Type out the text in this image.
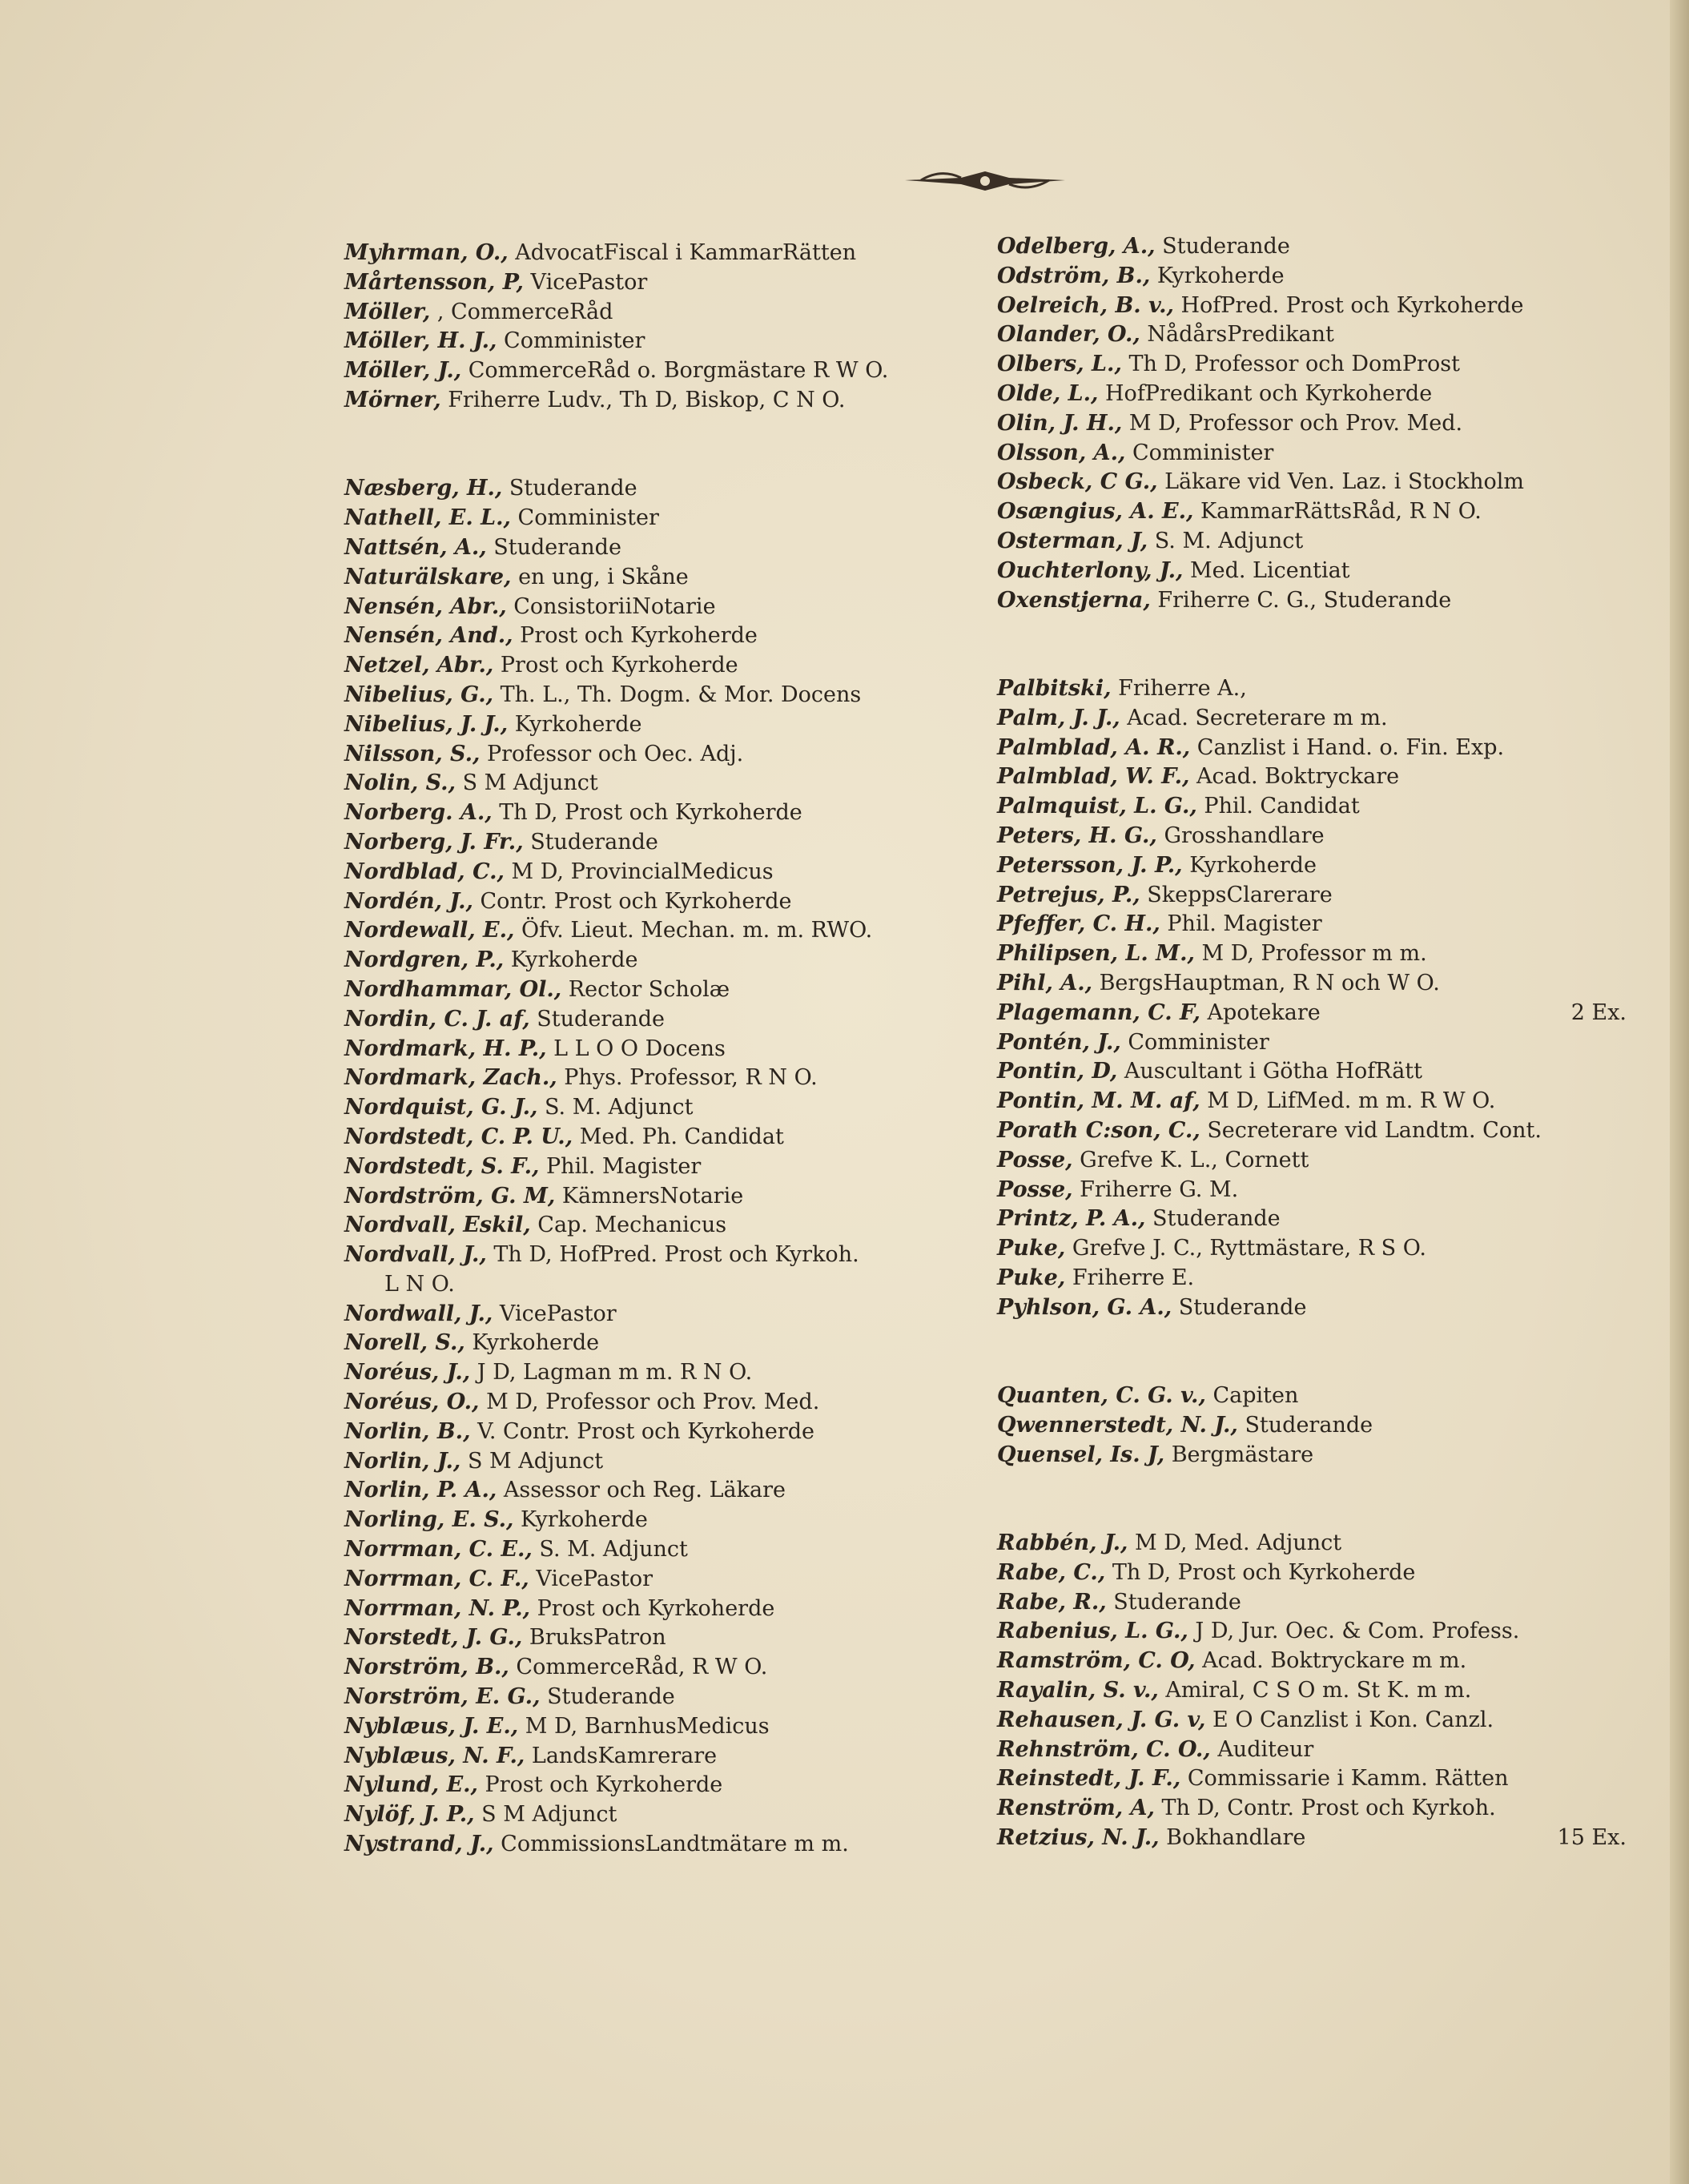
Myhrman, O., AdvocatFiscal i KammarRätten
Mårtensson, P, VicePastor
Möller, , CommerceRåd
Möller, H. J., Comminister
Möller, J., CommerceRåd o. Borgmästare R W O.
Mörner, Friherre Ludv., Th D, Biskop, C N O.
Næsberg, H., Studerande
Nathell, E. L., Comminister
Nattsén, A., Studerande
Naturälskare, en ung, i Skåne
Nensén, Abr., ConsistoriiNotarie
Nensén, And., Prost och Kyrkoherde
Netzel, Abr., Prost och Kyrkoherde
Nibelius, G., Th. L., Th. Dogm. & Mor. Docens
Nibelius, J. J., Kyrkoherde
Nilsson, S., Professor och Oec. Adj.
Nolin, S., S M Adjunct
Norberg. A., Th D, Prost och Kyrkoherde
Norberg, J. Fr., Studerande
Nordblad, C., M D, ProvincialMedicus
Nordén, J., Contr. Prost och Kyrkoherde
Nordewall, E., Öfv. Lieut. Mechan. m. m. RWO.
Nordgren, P., Kyrkoherde
Nordhammar, Ol., Rector Scholæ
Nordin, C. J. af, Studerande
Nordmark, H. P., L L O O Docens
Nordmark, Zach., Phys. Professor, R N O.
Nordquist, G. J., S. M. Adjunct
Nordstedt, C. P. U., Med. Ph. Candidat
Nordstedt, S. F., Phil. Magister
Nordström, G. M, KämnersNotarie
Nordvall, Eskil, Cap. Mechanicus
Nordvall, J., Th D, HofPred. Prost och Kyrkoh.
L N O.
Nordwall, J., VicePastor
Norell, S., Kyrkoherde
Noréus, J., J D, Lagman m m. R N O.
Noréus, O., M D, Professor och Prov. Med.
Norlin, B., V. Contr. Prost och Kyrkoherde
Norlin, J., S M Adjunct
Norlin, P. A., Assessor och Reg. Läkare
Norling, E. S., Kyrkoherde
Norrman, C. E., S. M. Adjunct
Norrman, C. F., VicePastor
Norrman, N. P., Prost och Kyrkoherde
Norstedt, J. G., BruksPatron
Norström, B., CommerceRåd, R W O.
Norström, E. G., Studerande
Nyblæus, J. E., M D, BarnhusMedicus
Nyblæus, N. F., LandsKamrerare
Nylund, E., Prost och Kyrkoherde
Nylöf, J. P., S M Adjunct
Nystrand, J., CommissionsLandtmätare m m.
Odelberg, A., Studerande
Odström, B., Kyrkoherde
Oelreich, B. v., HofPred. Prost och Kyrkoherde
Olander, O., NådårsPredikant
Olbers, L., Th D, Professor och DomProst
Olde, L., HofPredikant och Kyrkoherde
Olin, J. H., M D, Professor och Prov. Med.
Olsson, A., Comminister
Osbeck, C G., Läkare vid Ven. Laz. i Stockholm
Osængius, A. E., KammarRättsRåd, R N O.
Osterman, J, S. M. Adjunct
Ouchterlony, J., Med. Licentiat
Oxenstjerna, Friherre C. G., Studerande
Palbitski, Friherre A.,
Palm, J. J., Acad. Secreterare m m.
Palmblad, A. R., Canzlist i Hand. o. Fin. Exp.
Palmblad, W. F., Acad. Boktryckare
Palmquist, L. G., Phil. Candidat
Peters, H. G., Grosshandlare
Petersson, J. P., Kyrkoherde
Petrejus, P., SkeppsClarerare
Pfeffer, C. H., Phil. Magister
Philipsen, L. M., M D, Professor m m.
Pihl, A., BergsHauptman, R N och W O.
Plagemann, C. F, Apotekare	2 Ex.
Pontén, J., Comminister
Pontin, D, Auscultant i Götha HofRätt
Pontin, M. M. af, M D, LifMed. m m. R W O.
Porath C:son, C., Secreterare vid Landtm. Cont.
Posse, Grefve K. L., Cornett
Posse, Friherre G. M.
Printz, P. A., Studerande
Puke, Grefve J. C., Ryttmästare, R S O.
Puke, Friherre E.
Pyhlson, G. A., Studerande
Quanten, C. G. v., Capiten
Qwennerstedt, N. J., Studerande
Quensel, Is. J, Bergmästare
Rabbén, J., M D, Med. Adjunct
Rabe, C., Th D, Prost och Kyrkoherde
Rabe, R., Studerande
Rabenius, L. G., J D, Jur. Oec. & Com. Profess.
Ramström, C. O, Acad. Boktryckare m m.
Rayalin, S. v., Amiral, C S O m. St K. m m.
Rehausen, J. G. v, E O Canzlist i Kon. Canzl.
Rehnström, C. O., Auditeur
Reinstedt, J. F., Commissarie i Kamm. Rätten
Renström, A, Th D, Contr. Prost och Kyrkoh.
Retzius, N. J., Bokhandlare	15 Ex.
